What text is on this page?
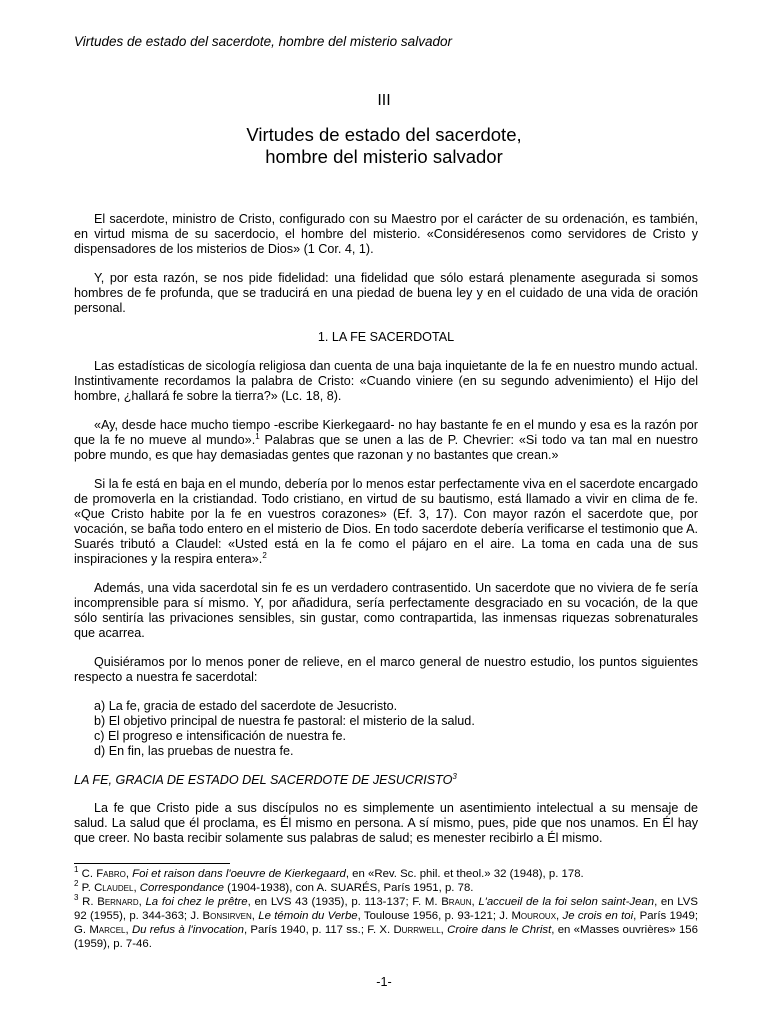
Virtudes de estado del sacerdote, hombre del misterio salvador
III
Virtudes de estado del sacerdote,
hombre del misterio salvador

El sacerdote, ministro de Cristo, configurado con su Maestro por el carácter de su ordenación, es también, en virtud misma de su sacerdocio, el hombre del misterio. «Considéresenos como servidores de Cristo y dispensadores de los misterios de Dios» (1 Cor. 4, 1).

Y, por esta razón, se nos pide fidelidad: una fidelidad que sólo estará plenamente asegurada si somos hombres de fe profunda, que se traducirá en una piedad de buena ley y en el cuidado de una vida de oración personal.

1. LA FE SACERDOTAL

Las estadísticas de sicología religiosa dan cuenta de una baja inquietante de la fe en nuestro mundo actual. Instintivamente recordamos la palabra de Cristo: «Cuando viniere (en su segundo advenimiento) el Hijo del hombre, ¿hallará fe sobre la tierra?» (Lc. 18, 8).

«Ay, desde hace mucho tiempo -escribe Kierkegaard- no hay bastante fe en el mundo y esa es la razón por que la fe no mueve al mundo».$^1$ Palabras que se unen a las de P. Chevrier: «Si todo va tan mal en nuestro pobre mundo, es que hay demasiadas gentes que razonan y no bastantes que crean.»

Si la fe está en baja en el mundo, debería por lo menos estar perfectamente viva en el sacerdote encargado de promoverla en la cristiandad. Todo cristiano, en virtud de su bautismo, está llamado a vivir en clima de fe. «Que Cristo habite por la fe en vuestros corazones» (Ef. 3, 17). Con mayor razón el sacerdote que, por vocación, se baña todo entero en el misterio de Dios. En todo sacerdote debería verificarse el testimonio que A. Suarés tributó a Claudel: «Usted está en la fe como el pájaro en el aire. La toma en cada una de sus inspiraciones y la respira entera».$^2$

Además, una vida sacerdotal sin fe es un verdadero contrasentido. Un sacerdote que no viviera de fe sería incomprensible para sí mismo. Y, por añadidura, sería perfectamente desgraciado en su vocación, de la que sólo sentiría las privaciones sensibles, sin gustar, como contrapartida, las inmensas riquezas sobrenaturales que acarrea.

Quisiéramos por lo menos poner de relieve, en el marco general de nuestro estudio, los puntos siguientes respecto a nuestra fe sacerdotal:

a) La fe, gracia de estado del sacerdote de Jesucristo.
b) El objetivo principal de nuestra fe pastoral: el misterio de la salud.
c) El progreso e intensificación de nuestra fe.
d) En fin, las pruebas de nuestra fe.
LA FE, GRACIA DE ESTADO DEL SACERDOTE DE JESUCRISTO$^3$

La fe que Cristo pide a sus discípulos no es simplemente un asentimiento intelectual a su mensaje de salud. La salud que él proclama, es Él mismo en persona. A sí mismo, pues, pide que nos unamos. En Él hay que creer. No basta recibir solamente sus palabras de salud; es menester recibirlo a Él mismo.

$^1$ C. Fabro, Foi et raison dans l'oeuvre de Kierkegaard, en «Rev. Sc. phil. et theol.» 32 (1948), p. 178.
$^2$ P. Claudel, Correspondance (1904-1938), con A. SUARÉS, París 1951, p. 78.
$^3$ R. Bernard, La foi chez le prêtre, en LVS 43 (1935), p. 113-137; F. M. Braun, L'accueil de la foi selon saint-Jean, en LVS 92 (1955), p. 344-363; J. Bonsirven, Le témoin du Verbe, Toulouse 1956, p. 93-121; J. Mouroux, Je crois en toi, París 1949; G. Marcel, Du refus à l'invocation, París 1940, p. 117 ss.; F. X. Durrwell, Croire dans le Christ, en «Masses ouvrières» 156 (1959), p. 7-46.
-1-
